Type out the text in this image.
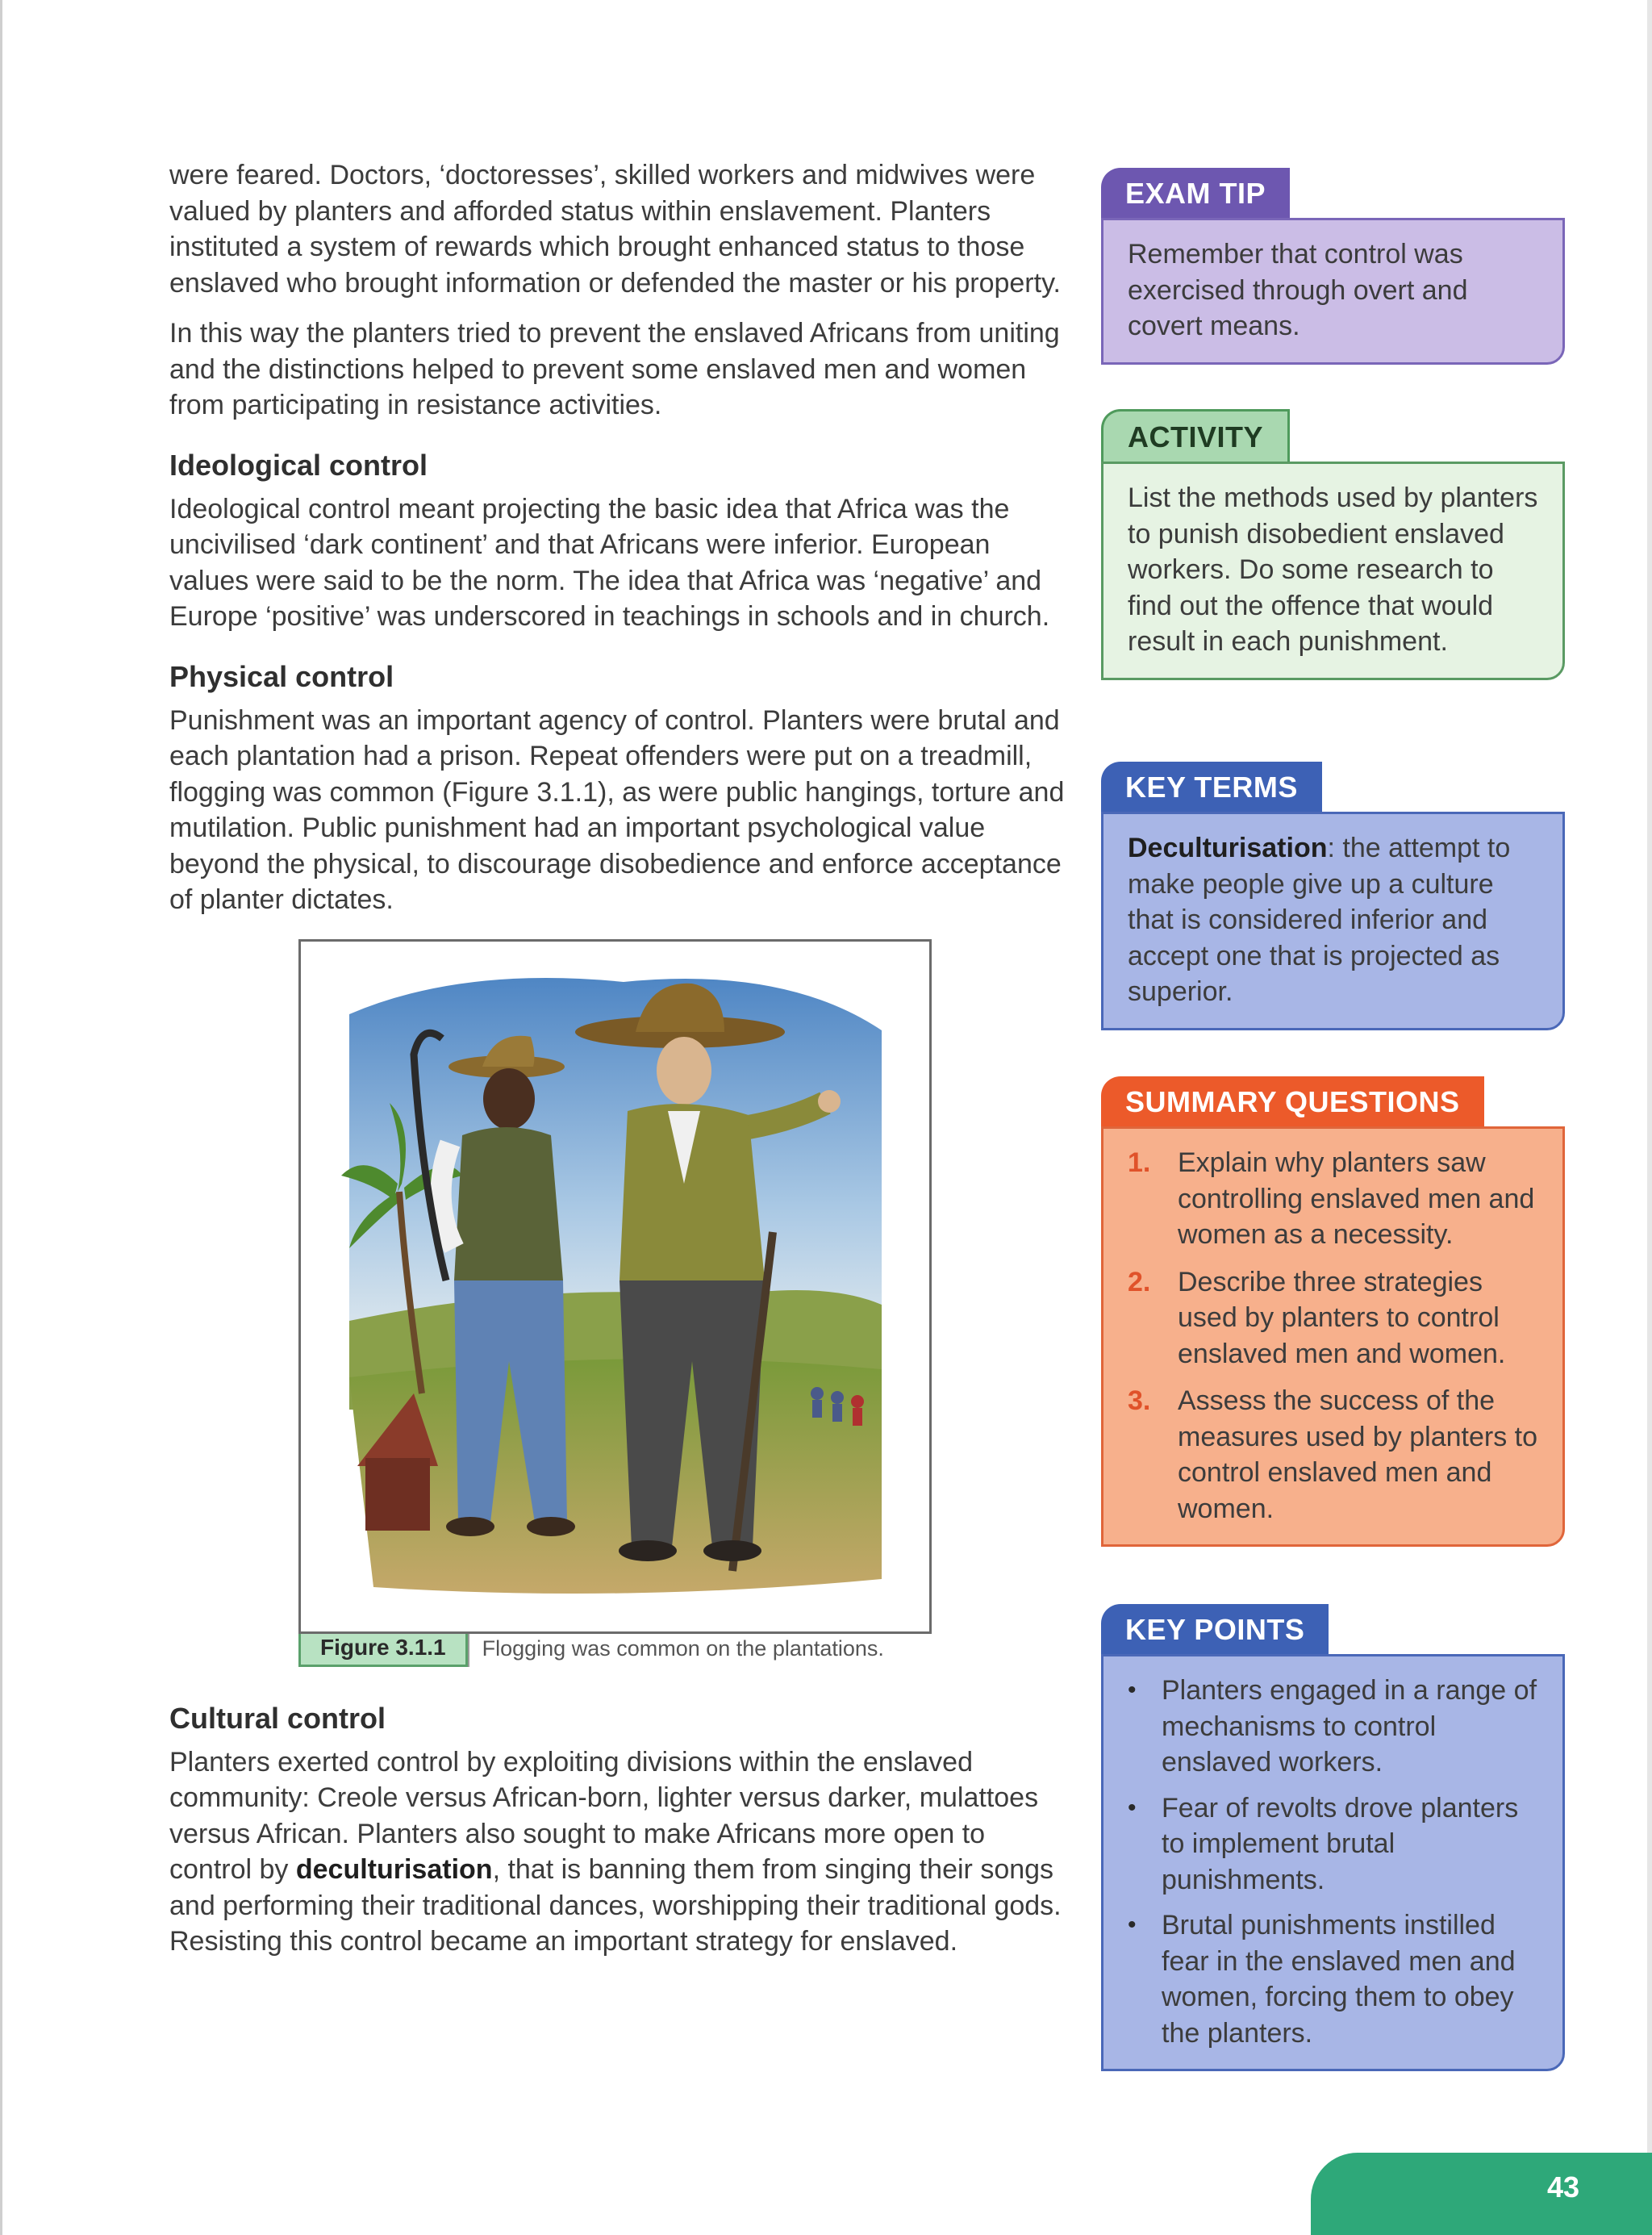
were feared. Doctors, ‘doctoresses’, skilled workers and midwives were valued by planters and afforded status within enslavement. Planters instituted a system of rewards which brought enhanced status to those enslaved who brought information or defended the master or his property.

In this way the planters tried to prevent the enslaved Africans from uniting and the distinctions helped to prevent some enslaved men and women from participating in resistance activities.

Ideological control

Ideological control meant projecting the basic idea that Africa was the uncivilised ‘dark continent’ and that Africans were inferior. European values were said to be the norm. The idea that Africa was ‘negative’ and Europe ‘positive’ was underscored in teachings in schools and in church.

Physical control

Punishment was an important agency of control. Planters were brutal and each plantation had a prison. Repeat offenders were put on a treadmill, flogging was common (Figure 3.1.1), as were public hangings, torture and mutilation. Public punishment had an important psychological value beyond the physical, to discourage disobedience and enforce acceptance of planter dictates.

Figure 3.1.1	Flogging was common on the plantations.
Cultural control

Planters exerted control by exploiting divisions within the enslaved community: Creole versus African-born, lighter versus darker, mulattoes versus African. Planters also sought to make Africans more open to control by deculturisation, that is banning them from singing their songs and performing their traditional dances, worshipping their traditional gods. Resisting this control became an important strategy for enslaved.

EXAM TIP
Remember that control was exercised through overt and covert means.
ACTIVITY
List the methods used by planters to punish disobedient enslaved workers. Do some research to find out the offence that would result in each punishment.
KEY TERMS
Deculturisation: the attempt to make people give up a culture that is considered inferior and accept one that is projected as superior.
SUMMARY QUESTIONS
1. Explain why planters saw controlling enslaved men and women as a necessity.
2. Describe three strategies used by planters to control enslaved men and women.
3. Assess the success of the measures used by planters to control enslaved men and women.
KEY POINTS
• Planters engaged in a range of mechanisms to control enslaved workers.
• Fear of revolts drove planters to implement brutal punishments.
• Brutal punishments instilled fear in the enslaved men and women, forcing them to obey the planters.
43
